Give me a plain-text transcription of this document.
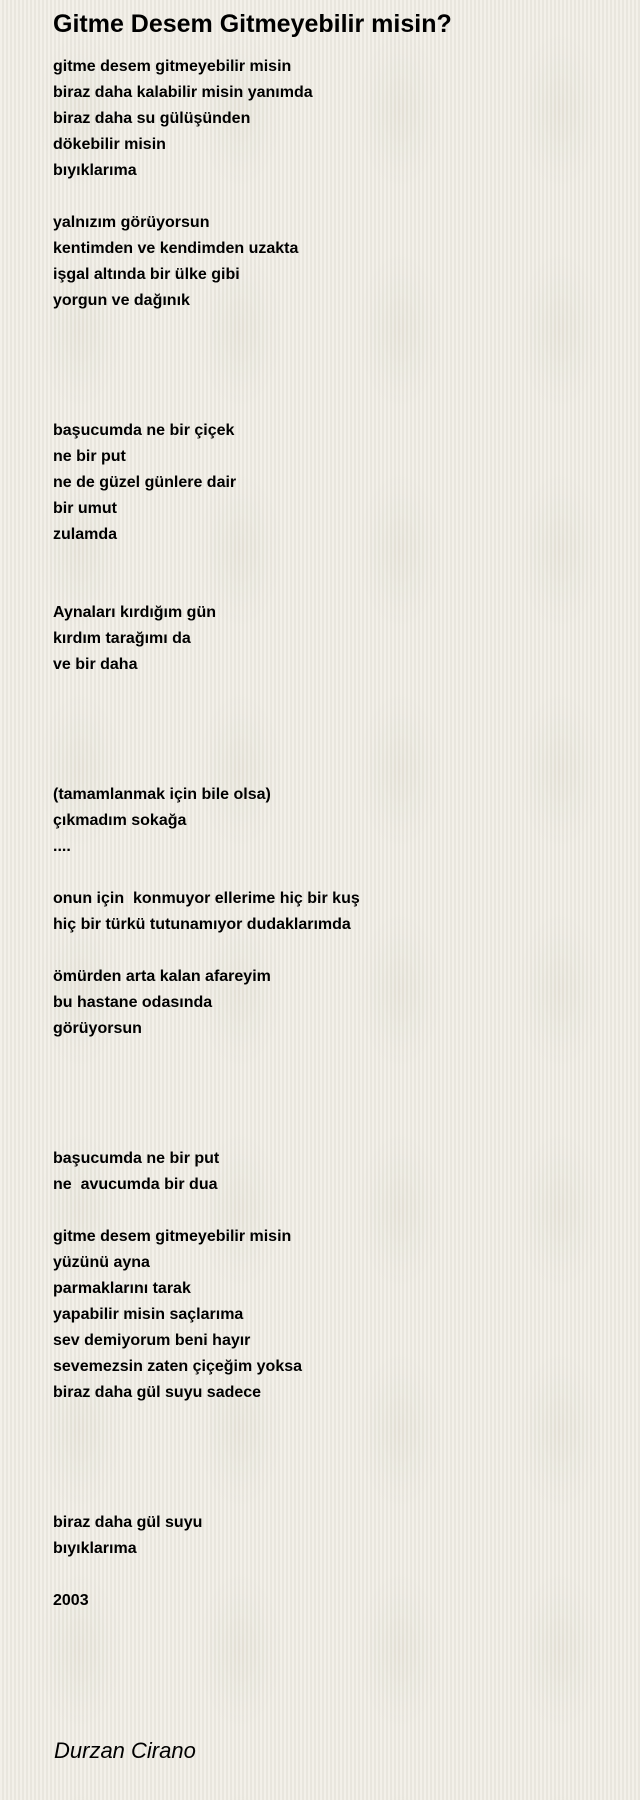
Gitme Desem Gitmeyebilir misin?
gitme desem gitmeyebilir misin
biraz daha kalabilir misin yanımda
biraz daha su gülüşünden
dökebilir misin
bıyıklarıma
yalnızım görüyorsun
kentimden ve kendimden uzakta
işgal altında bir ülke gibi
yorgun ve dağınık
başucumda ne bir çiçek
ne bir put
ne de güzel günlere dair
bir umut
zulamda
Aynaları kırdığım gün
kırdım tarağımı da
ve bir daha
(tamamlanmak için bile olsa)
çıkmadım sokağa
....
onun için  konmuyor ellerime hiç bir kuş
hiç bir türkü tutunamıyor dudaklarımda
ömürden arta kalan afareyim
bu hastane odasında
görüyorsun
başucumda ne bir put
ne  avucumda bir dua
gitme desem gitmeyebilir misin
yüzünü ayna
parmaklarını tarak
yapabilir misin saçlarıma
sev demiyorum beni hayır
sevemezsin zaten çiçeğim yoksa
biraz daha gül suyu sadece
biraz daha gül suyu
bıyıklarıma
2003
Durzan Cirano
